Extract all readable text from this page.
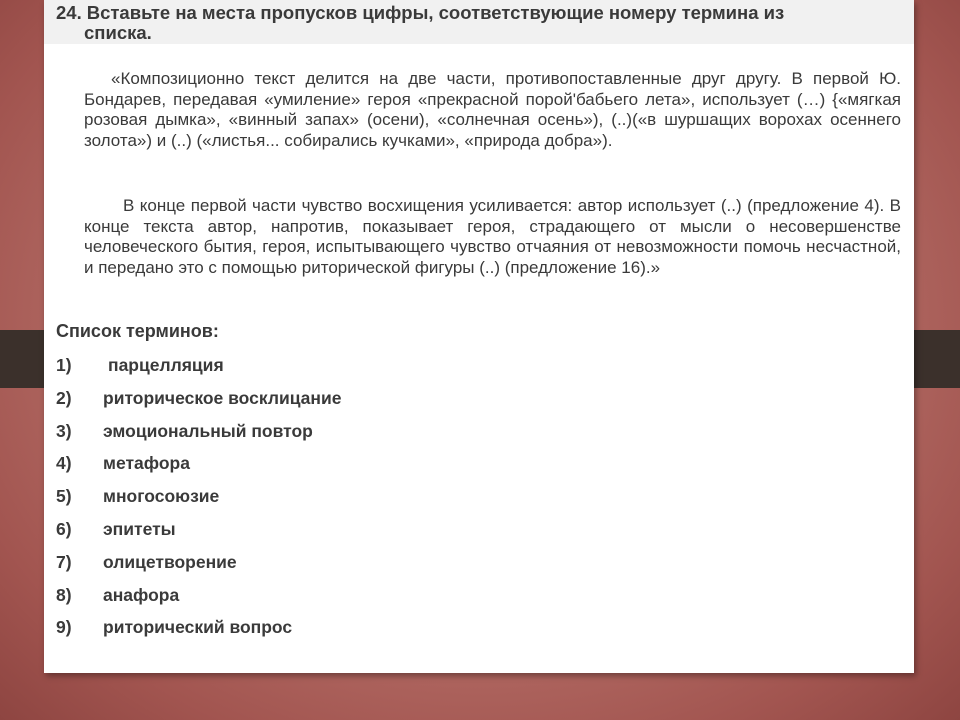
24. Вставьте на места пропусков цифры, соответствующие номеру термина из
списка.

«Композиционно текст делится на две части, противопоставленные друг другу. В первой Ю. Бондарев, передавая «умиление» героя «прекрасной порой'бабьего лета», использует (…) {«мягкая розовая дымка», «винный запах» (осени), «солнечная осень»), (..)(«в шуршащих ворохах осеннего золота») и (..) («листья... собирались кучками», «природа добра»).

В конце первой части чувство восхищения усиливается: автор использует (..) (предложение 4). В конце текста автор, напротив, показывает героя, страдающего от мысли о несовершенстве человеческого бытия, героя, испытывающего чувство отчаяния от невозможности помочь несчастной, и передано это с помощью риторической фигуры (..) (предложение 16).»

Список терминов:
1) парцелляция
2) риторическое восклицание
3) эмоциональный повтор
4) метафора
5) многосоюзие
6) эпитеты
7) олицетворение
8) анафора
9) риторический вопрос
